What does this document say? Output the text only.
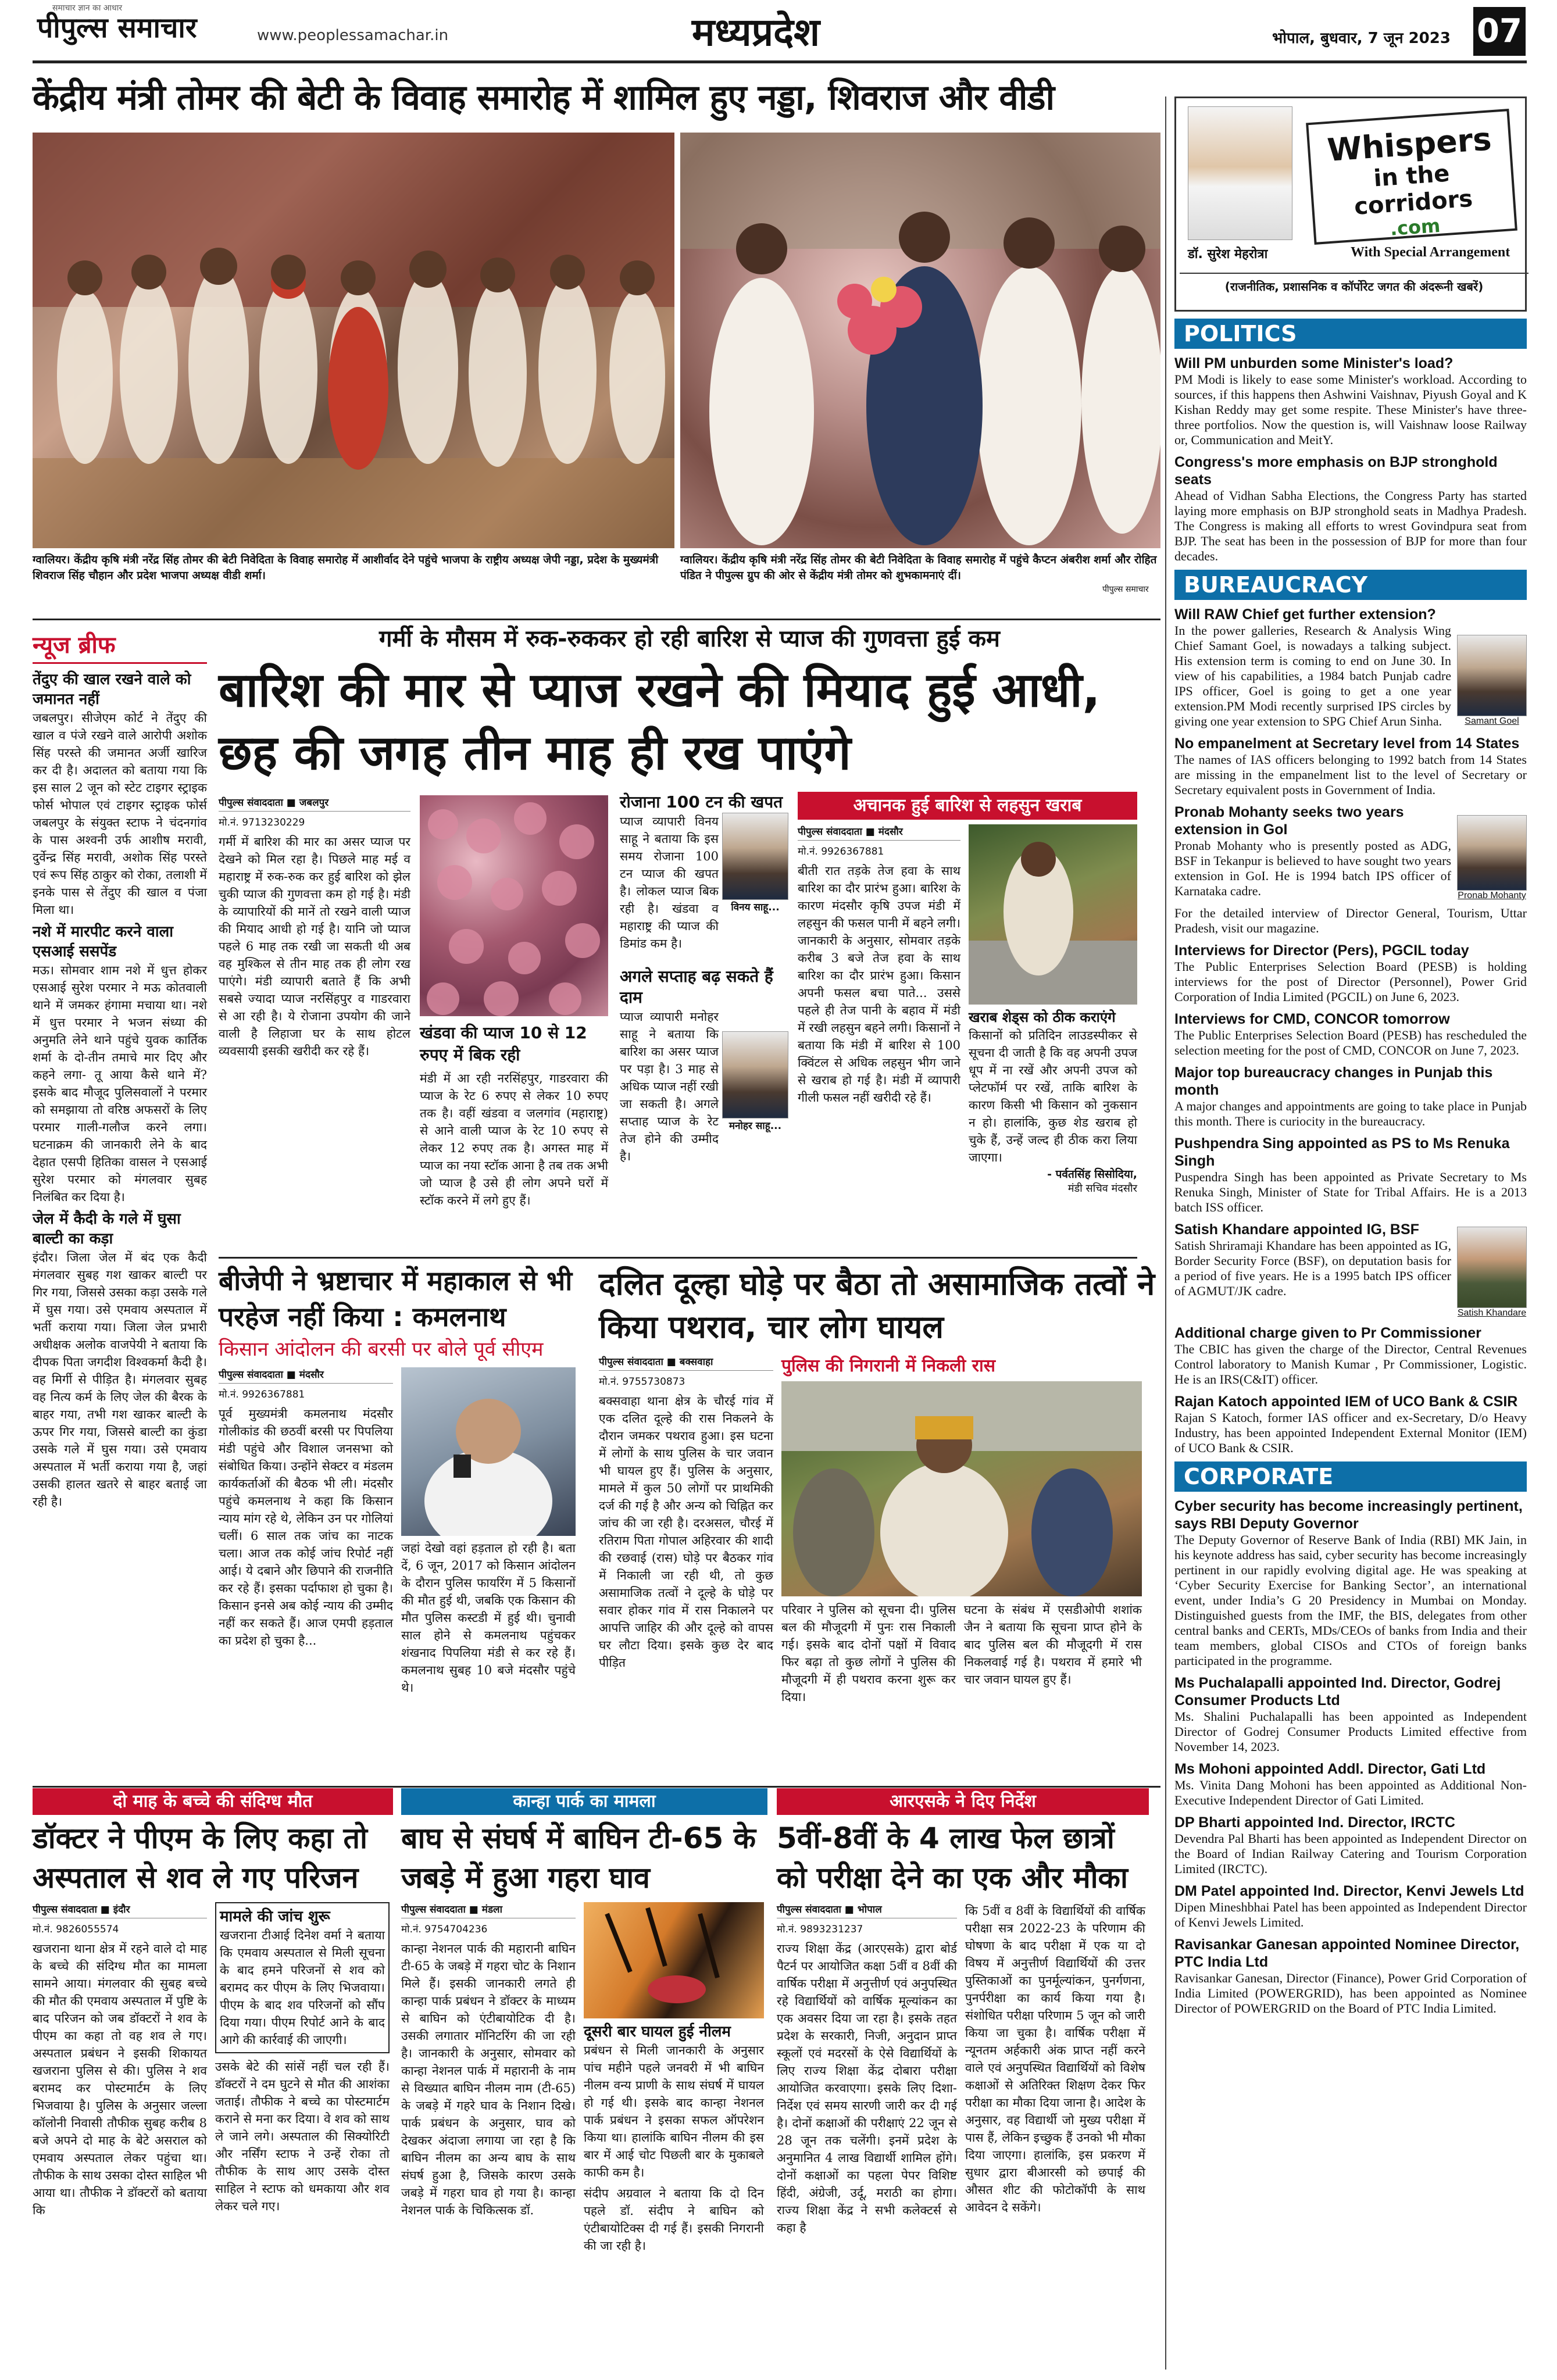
पीपुल्स समाचार
समाचार ज्ञान का आधार
www.peoplessamachar.in	मध्यप्रदेश	भोपाल, बुधवार, 7 जून 2023 07
केंद्रीय मंत्री तोमर की बेटी के विवाह समारोह में शामिल हुए नड्डा, शिवराज और वीडी
ग्वालियर। केंद्रीय कृषि मंत्री नरेंद्र सिंह तोमर की बेटी निवेदिता के विवाह समारोह में आशीर्वाद देने पहुंचे भाजपा के राष्ट्रीय अध्यक्ष जेपी नड्डा, प्रदेश के मुख्यमंत्री शिवराज सिंह चौहान और प्रदेश भाजपा अध्यक्ष वीडी शर्मा।
ग्वालियर। केंद्रीय कृषि मंत्री नरेंद्र सिंह तोमर की बेटी निवेदिता के विवाह समारोह में पहुंचे कैप्टन अंबरीश शर्मा और रोहित पंडित ने पीपुल्स ग्रुप की ओर से केंद्रीय मंत्री तोमर को शुभकामनाएं दीं।
पीपुल्स समाचार
न्यूज ब्रीफ
तेंदुए की खाल रखने वाले को जमानत नहीं
जबलपुर। सीजेएम कोर्ट ने तेंदुए की खाल व पंजे रखने वाले आरोपी अशोक सिंह परस्ते की जमानत अर्जी खारिज कर दी है। अदालत को बताया गया कि इस साल 2 जून को स्टेट टाइगर स्ट्राइक फोर्स भोपाल एवं टाइगर स्ट्राइक फोर्स जबलपुर के संयुक्त स्टाफ ने चंदनगांव के पास अश्वनी उर्फ आशीष मरावी, दुर्वेन्द्र सिंह मरावी, अशोक सिंह परस्ते एवं रूप सिंह ठाकुर को रोका, तलाशी में इनके पास से तेंदुए की खाल व पंजा मिला था।
नशे में मारपीट करने वाला एसआई ससपेंड
मऊ। सोमवार शाम नशे में धुत्त होकर एसआई सुरेश परमार ने मऊ कोतवाली थाने में जमकर हंगामा मचाया था। नशे में धुत्त परमार ने भजन संध्या की अनुमति लेने थाने पहुंचे युवक कार्तिक शर्मा के दो-तीन तमाचे मार दिए और कहने लगा- तू आया कैसे थाने में? इसके बाद मौजूद पुलिसवालों ने परमार को समझाया तो वरिष्ठ अफसरों के लिए परमार गाली-गलौज करने लगा। घटनाक्रम की जानकारी लेने के बाद देहात एसपी हितिका वासल ने एसआई सुरेश परमार को मंगलवार सुबह निलंबित कर दिया है।
जेल में कैदी के गले में घुसा बाल्टी का कड़ा
इंदौर। जिला जेल में बंद एक कैदी मंगलवार सुबह गश खाकर बाल्टी पर गिर गया, जिससे उसका कड़ा उसके गले में घुस गया। उसे एमवाय अस्पताल में भर्ती कराया गया। जिला जेल प्रभारी अधीक्षक अलोक वाजपेयी ने बताया कि दीपक पिता जगदीश विश्वकर्मा कैदी है। वह मिर्गी से पीड़ित है। मंगलवार सुबह वह नित्य कर्म के लिए जेल की बैरक के बाहर गया, तभी गश खाकर बाल्टी के ऊपर गिर गया, जिससे बाल्टी का कुंडा उसके गले में घुस गया। उसे एमवाय अस्पताल में भर्ती कराया गया है, जहां उसकी हालत खतरे से बाहर बताई जा रही है।
गर्मी के मौसम में रुक-रुककर हो रही बारिश से प्याज की गुणवत्ता हुई कम
बारिश की मार से प्याज रखने की मियाद हुई आधी, छह की जगह तीन माह ही रख पाएंगे
पीपुल्स संवाददाता ■ जबलपुर
मो.नं. 9713230229
गर्मी में बारिश की मार का असर प्याज पर देखने को मिल रहा है। पिछले माह मई व महाराष्ट्र में रुक-रुक कर हुई बारिश को झेल चुकी प्याज की गुणवत्ता कम हो गई है। मंडी के व्यापारियों की मानें तो रखने वाली प्याज की मियाद आधी हो गई है। यानि जो प्याज पहले 6 माह तक रखी जा सकती थी अब वह मुश्किल से तीन माह तक ही लोग रख पाएंगे। मंडी व्यापारी बताते हैं कि अभी सबसे ज्यादा प्याज नरसिंहपुर व गाडरवारा से आ रही है। ये रोजाना उपयोग की जाने वाली है लिहाजा घर के साथ होटल व्यवसायी इसकी खरीदी कर रहे हैं।
खंडवा की प्याज 10 से 12 रुपए में बिक रही
मंडी में आ रही नरसिंहपुर, गाडरवारा की प्याज के रेट 6 रुपए से लेकर 10 रुपए तक है। वहीं खंडवा व जलगांव (महाराष्ट्र) से आने वाली प्याज के रेट 10 रुपए से लेकर 12 रुपए तक है। अगस्त माह में प्याज का नया स्टॉक आना है तब तक अभी जो प्याज है उसे ही लोग अपने घरों में स्टॉक करने में लगे हुए हैं।
रोजाना 100 टन की खपत
प्याज व्यापारी विनय साहू ने बताया कि इस समय रोजाना 100 टन प्याज की खपत है। लोकल प्याज बिक रही है। खंडवा व महाराष्ट्र की प्याज की डिमांड कम है।
विनय साहू...
अगले सप्ताह बढ़ सकते हैं दाम
प्याज व्यापारी मनोहर साहू ने बताया कि बारिश का असर प्याज पर पड़ा है। 3 माह से अधिक प्याज नहीं रखी जा सकती है। अगले सप्ताह प्याज के रेट तेज होने की उम्मीद है।
मनोहर साहू...
अचानक हुई बारिश से लहसुन खराब
पीपुल्स संवाददाता ■ मंदसौर
मो.नं. 9926367881
बीती रात तड़के तेज हवा के साथ बारिश का दौर प्रारंभ हुआ। बारिश के कारण मंदसौर कृषि उपज मंडी में लहसुन की फसल पानी में बहने लगी। जानकारी के अनुसार, सोमवार तड़के करीब 3 बजे तेज हवा के साथ बारिश का दौर प्रारंभ हुआ। किसान अपनी फसल बचा पाते... उससे पहले ही तेज पानी के बहाव में मंडी में रखी लहसुन बहने लगी। किसानों ने बताया कि मंडी में बारिश से 100 क्विंटल से अधिक लहसुन भीग जाने से खराब हो गई है। मंडी में व्यापारी गीली फसल नहीं खरीदी रहे हैं।
खराब शेड्स को ठीक कराएंगे
किसानों को प्रतिदिन लाउडस्पीकर से सूचना दी जाती है कि वह अपनी उपज धूप में ना रखें और अपनी उपज को प्लेटफॉर्म पर रखें, ताकि बारिश के कारण किसी भी किसान को नुकसान न हो। हालांकि, कुछ शेड खराब हो चुके हैं, उन्हें जल्द ही ठीक करा लिया जाएगा।
- पर्वतसिंह सिसोदिया,
मंडी सचिव मंदसौर
बीजेपी ने भ्रष्टाचार में महाकाल से भी परहेज नहीं किया : कमलनाथ
किसान आंदोलन की बरसी पर बोले पूर्व सीएम
पीपुल्स संवाददाता ■ मंदसौर
मो.नं. 9926367881
पूर्व मुख्यमंत्री कमलनाथ मंदसौर गोलीकांड की छठवीं बरसी पर पिपलिया मंडी पहुंचे और विशाल जनसभा को संबोधित किया। उन्होंने सेक्टर व मंडलम कार्यकर्ताओं की बैठक भी ली। मंदसौर पहुंचे कमलनाथ ने कहा कि किसान न्याय मांग रहे थे, लेकिन उन पर गोलियां चलीं। 6 साल तक जांच का नाटक चला। आज तक कोई जांच रिपोर्ट नहीं आई। ये दबाने और छिपाने की राजनीति कर रहे हैं। इसका पर्दाफाश हो चुका है। किसान इनसे अब कोई न्याय की उम्मीद नहीं कर सकते हैं। आज एमपी हड़ताल का प्रदेश हो चुका है...
जहां देखो वहां हड़ताल हो रही है। बता दें, 6 जून, 2017 को किसान आंदोलन के दौरान पुलिस फायरिंग में 5 किसानों की मौत हुई थी, जबकि एक किसान की मौत पुलिस कस्टडी में हुई थी। चुनावी साल होने से कमलनाथ पहुंचकर शंखनाद पिपलिया मंडी से कर रहे हैं। कमलनाथ सुबह 10 बजे मंदसौर पहुंचे थे।
दलित दूल्हा घोड़े पर बैठा तो असामाजिक तत्वों ने किया पथराव, चार लोग घायल
पीपुल्स संवाददाता ■ बक्सवाहा
मो.नं. 9755730873
बक्सवाहा थाना क्षेत्र के चौरई गांव में एक दलित दूल्हे की रास निकलने के दौरान जमकर पथराव हुआ। इस घटना में लोगों के साथ पुलिस के चार जवान भी घायल हुए हैं। पुलिस के अनुसार, मामले में कुल 50 लोगों पर प्राथमिकी दर्ज की गई है और अन्य को चिह्नित कर जांच की जा रही है। दरअसल, चौरई में रतिराम पिता गोपाल अहिरवार की शादी की रछवाई (रास) घोड़े पर बैठकर गांव में निकाली जा रही थी, तो कुछ असामाजिक तत्वों ने दूल्हे के घोड़े पर सवार होकर गांव में रास निकालने पर आपत्ति जाहिर की और दूल्हे को वापस घर लौटा दिया। इसके कुछ देर बाद पीड़ित
पुलिस की निगरानी में निकली रास
परिवार ने पुलिस को सूचना दी। पुलिस बल की मौजूदगी में पुनः रास निकाली गई। इसके बाद दोनों पक्षों में विवाद फिर बढ़ा तो कुछ लोगों ने पुलिस की मौजूदगी में ही पथराव करना शुरू कर दिया।
घटना के संबंध में एसडीओपी शशांक जैन ने बताया कि सूचना प्राप्त होने के बाद पुलिस बल की मौजूदगी में रास निकलवाई गई है। पथराव में हमारे भी चार जवान घायल हुए हैं।
दो माह के बच्चे की संदिग्ध मौत
डॉक्टर ने पीएम के लिए कहा तो अस्पताल से शव ले गए परिजन
पीपुल्स संवाददाता ■ इंदौर
मो.नं. 9826055574
खजराना थाना क्षेत्र में रहने वाले दो माह के बच्चे की संदिग्ध मौत का मामला सामने आया। मंगलवार की सुबह बच्चे की मौत की एमवाय अस्पताल में पुष्टि के बाद परिजन को जब डॉक्टरों ने शव के पीएम का कहा तो वह शव ले गए। अस्पताल प्रबंधन ने इसकी शिकायत खजराना पुलिस से की। पुलिस ने शव बरामद कर पोस्टमार्टम के लिए भिजवाया है। पुलिस के अनुसार जल्ला कॉलोनी निवासी तौफीक सुबह करीब 8 बजे अपने दो माह के बेटे असराल को एमवाय अस्पताल लेकर पहुंचा था। तौफीक के साथ उसका दोस्त साहिल भी आया था। तौफीक ने डॉक्टरों को बताया कि
मामले की जांच शुरू
खजराना टीआई दिनेश वर्मा ने बताया कि एमवाय अस्पताल से मिली सूचना के बाद हमने परिजनों से शव को बरामद कर पीएम के लिए भिजवाया। पीएम के बाद शव परिजनों को सौंप दिया गया। पीएम रिपोर्ट आने के बाद आगे की कार्रवाई की जाएगी।
उसके बेटे की सांसें नहीं चल रही हैं। डॉक्टरों ने दम घुटने से मौत की आशंका जताई। तौफीक ने बच्चे का पोस्टमार्टम कराने से मना कर दिया। वे शव को साथ ले जाने लगे। अस्पताल की सिक्योरिटी और नर्सिंग स्टाफ ने उन्हें रोका तो तौफीक के साथ आए उसके दोस्त साहिल ने स्टाफ को धमकाया और शव लेकर चले गए।
कान्हा पार्क का मामला
बाघ से संघर्ष में बाघिन टी-65 के जबड़े में हुआ गहरा घाव
पीपुल्स संवाददाता ■ मंडला
मो.नं. 9754704236
कान्हा नेशनल पार्क की महारानी बाघिन टी-65 के जबड़े में गहरा चोट के निशान मिले हैं। इसकी जानकारी लगते ही कान्हा पार्क प्रबंधन ने डॉक्टर के माध्यम से बाघिन को एंटीबायोटिक दी है। उसकी लगातार मॉनिटरिंग की जा रही है। जानकारी के अनुसार, सोमवार को कान्हा नेशनल पार्क में महारानी के नाम से विख्यात बाघिन नीलम नाम (टी-65) के जबड़े में गहरे घाव के निशान दिखे। पार्क प्रबंधन के अनुसार, घाव को देखकर अंदाजा लगाया जा रहा है कि बाघिन नीलम का अन्य बाघ के साथ संघर्ष हुआ है, जिसके कारण उसके जबड़े में गहरा घाव हो गया है। कान्हा नेशनल पार्क के चिकित्सक डॉ.
दूसरी बार घायल हुई नीलम
प्रबंधन से मिली जानकारी के अनुसार पांच महीने पहले जनवरी में भी बाघिन नीलम वन्य प्राणी के साथ संघर्ष में घायल हो गई थी। इसके बाद कान्हा नेशनल पार्क प्रबंधन ने इसका सफल ऑपरेशन किया था। हालांकि बाघिन नीलम की इस बार में आई चोट पिछली बार के मुकाबले काफी कम है।
संदीप अग्रवाल ने बताया कि दो दिन पहले डॉ. संदीप ने बाघिन को एंटीबायोटिक्स दी गई हैं। इसकी निगरानी की जा रही है।
आरएसके ने दिए निर्देश
5वीं-8वीं के 4 लाख फेल छात्रों को परीक्षा देने का एक और मौका
पीपुल्स संवाददाता ■ भोपाल
मो.नं. 9893231237
राज्य शिक्षा केंद्र (आरएसके) द्वारा बोर्ड पैटर्न पर आयोजित कक्षा 5वीं व 8वीं की वार्षिक परीक्षा में अनुत्तीर्ण एवं अनुपस्थित रहे विद्यार्थियों को वार्षिक मूल्यांकन का एक अवसर दिया जा रहा है। इसके तहत प्रदेश के सरकारी, निजी, अनुदान प्राप्त स्कूलों एवं मदरसों के ऐसे विद्यार्थियों के लिए राज्य शिक्षा केंद्र दोबारा परीक्षा आयोजित करवाएगा। इसके लिए दिशा-निर्देश एवं समय सारणी जारी कर दी गई है। दोनों कक्षाओं की परीक्षाएं 22 जून से 28 जून तक चलेंगी। इनमें प्रदेश के अनुमानित 4 लाख विद्यार्थी शामिल होंगे। दोनों कक्षाओं का पहला पेपर विशिष्ट हिंदी, अंग्रेजी, उर्दू, मराठी का होगा। राज्य शिक्षा केंद्र ने सभी कलेक्टर्स से कहा है
कि 5वीं व 8वीं के विद्यार्थियों की वार्षिक परीक्षा सत्र 2022-23 के परिणाम की घोषणा के बाद परीक्षा में एक या दो विषय में अनुत्तीर्ण विद्यार्थियों की उत्तर पुस्तिकाओं का पुनर्मूल्यांकन, पुनर्गणना, पुनर्परीक्षा का कार्य किया गया है। संशोधित परीक्षा परिणाम 5 जून को जारी किया जा चुका है। वार्षिक परीक्षा में न्यूनतम अर्हकारी अंक प्राप्त नहीं करने वाले एवं अनुपस्थित विद्यार्थियों को विशेष कक्षाओं से अतिरिक्त शिक्षण देकर फिर परीक्षा का मौका दिया जाना है। आदेश के अनुसार, वह विद्यार्थी जो मुख्य परीक्षा में पास हैं, लेकिन इच्छुक हैं उनको भी मौका दिया जाएगा। हालांकि, इस प्रकरण में सुधार द्वारा बीआरसी को छपाई की औसत शीट की फोटोकॉपी के साथ आवेदन दे सकेंगे।
Whispers
in the corridors
.com
डॉ. सुरेश मेहरोत्रा	With Special Arrangement
(राजनीतिक, प्रशासनिक व कॉर्पोरेट जगत की अंदरूनी खबरें)
POLITICS
Will PM unburden some Minister's load?

PM Modi is likely to ease some Minister's workload. According to sources, if this happens then Ashwini Vaishnav, Piyush Goyal and K Kishan Reddy may get some respite. These Minister's have three-three portfolios. Now the question is, will Vaishnaw loose Railway or, Communication and MeitY.

Congress's more emphasis on BJP stronghold seats

Ahead of Vidhan Sabha Elections, the Congress Party has started laying more emphasis on BJP stronghold seats in Madhya Pradesh. The Congress is making all efforts to wrest Govindpura seat from BJP. The seat has been in the possession of BJP for more than four decades.

BUREAUCRACY
Will RAW Chief get further extension?

In the power galleries, Research & Analysis Wing Chief Samant Goel, is nowadays a talking subject. His extension term is coming to end on June 30. In view of his capabilities, a 1984 batch Punjab cadre IPS officer, Goel is going to get a one year extension.PM Modi recently surprised IPS circles by giving one year extension to SPG Chief Arun Sinha.	Samant Goel
No empanelment at Secretary level from 14 States

The names of IAS officers belonging to 1992 batch from 14 States are missing in the empanelment list to the level of Secretary or Secretary equivalent posts in Government of India.

Pronab Mohanty seeks two years extension in GoI

Pronab Mohanty who is presently posted as ADG, BSF in Tekanpur is believed to have sought two years extension in GoI. He is 1994 batch IPS officer of Karnataka cadre.	Pronab Mohanty

For the detailed interview of Director General, Tourism, Uttar Pradesh, visit our magazine.

Interviews for Director (Pers), PGCIL today

The Public Enterprises Selection Board (PESB) is holding interviews for the post of Director (Personnel), Power Grid Corporation of India Limited (PGCIL) on June 6, 2023.

Interviews for CMD, CONCOR tomorrow

The Public Enterprises Selection Board (PESB) has rescheduled the selection meeting for the post of CMD, CONCOR on June 7, 2023.

Major top bureaucracy changes in Punjab this month

A major changes and appointments are going to take place in Punjab this month. There is curiocity in the bureaucracy.

Pushpendra Sing appointed as PS to Ms Renuka Singh

Puspendra Singh has been appointed as Private Secretary to Ms Renuka Singh, Minister of State for Tribal Affairs. He is a 2013 batch ISS officer.

Satish Khandare appointed IG, BSF

Satish Shriramaji Khandare has been appointed as IG, Border Security Force (BSF), on deputation basis for a period of five years. He is a 1995 batch IPS officer of AGMUT/JK cadre.

Satish Khandare
Additional charge given to Pr Commissioner

The CBIC has given the charge of the Director, Central Revenues Control laboratory to Manish Kumar , Pr Commissioner, Logistic. He is an IRS(C&IT) officer.

Rajan Katoch appointed IEM of UCO Bank & CSIR

Rajan S Katoch, former IAS officer and ex-Secretary, D/o Heavy Industry, has been appointed Independent External Monitor (IEM) of UCO Bank & CSIR.

CORPORATE
Cyber security has become increasingly pertinent, says RBI Deputy Governor

The Deputy Governor of Reserve Bank of India (RBI) MK Jain, in his keynote address has said, cyber security has become increasingly pertinent in our rapidly evolving digital age. He was speaking at ‘Cyber Security Exercise for Banking Sector’, an international event, under India’s G 20 Presidency in Mumbai on Monday. Distinguished guests from the IMF, the BIS, delegates from other central banks and CERTs, MDs/CEOs of banks from India and their team members, global CISOs and CTOs of foreign banks participated in the programme.

Ms Puchalapalli appointed Ind. Director, Godrej Consumer Products Ltd

Ms. Shalini Puchalapalli has been appointed as Independent Director of Godrej Consumer Products Limited effective from November 14, 2023.

Ms Mohoni appointed Addl. Director, Gati Ltd

Ms. Vinita Dang Mohoni has been appointed as Additional Non-Executive Independent Director of Gati Limited.

DP Bharti appointed Ind. Director, IRCTC

Devendra Pal Bharti has been appointed as Independent Director on the Board of Indian Railway Catering and Tourism Corporation Limited (IRCTC).

DM Patel appointed Ind. Director, Kenvi Jewels Ltd

Dipen Mineshbhai Patel has been appointed as Independent Director of Kenvi Jewels Limited.

Ravisankar Ganesan appointed Nominee Director, PTC India Ltd

Ravisankar Ganesan, Director (Finance), Power Grid Corporation of India Limited (POWERGRID), has been appointed as Nominee Director of POWERGRID on the Board of PTC India Limited.
